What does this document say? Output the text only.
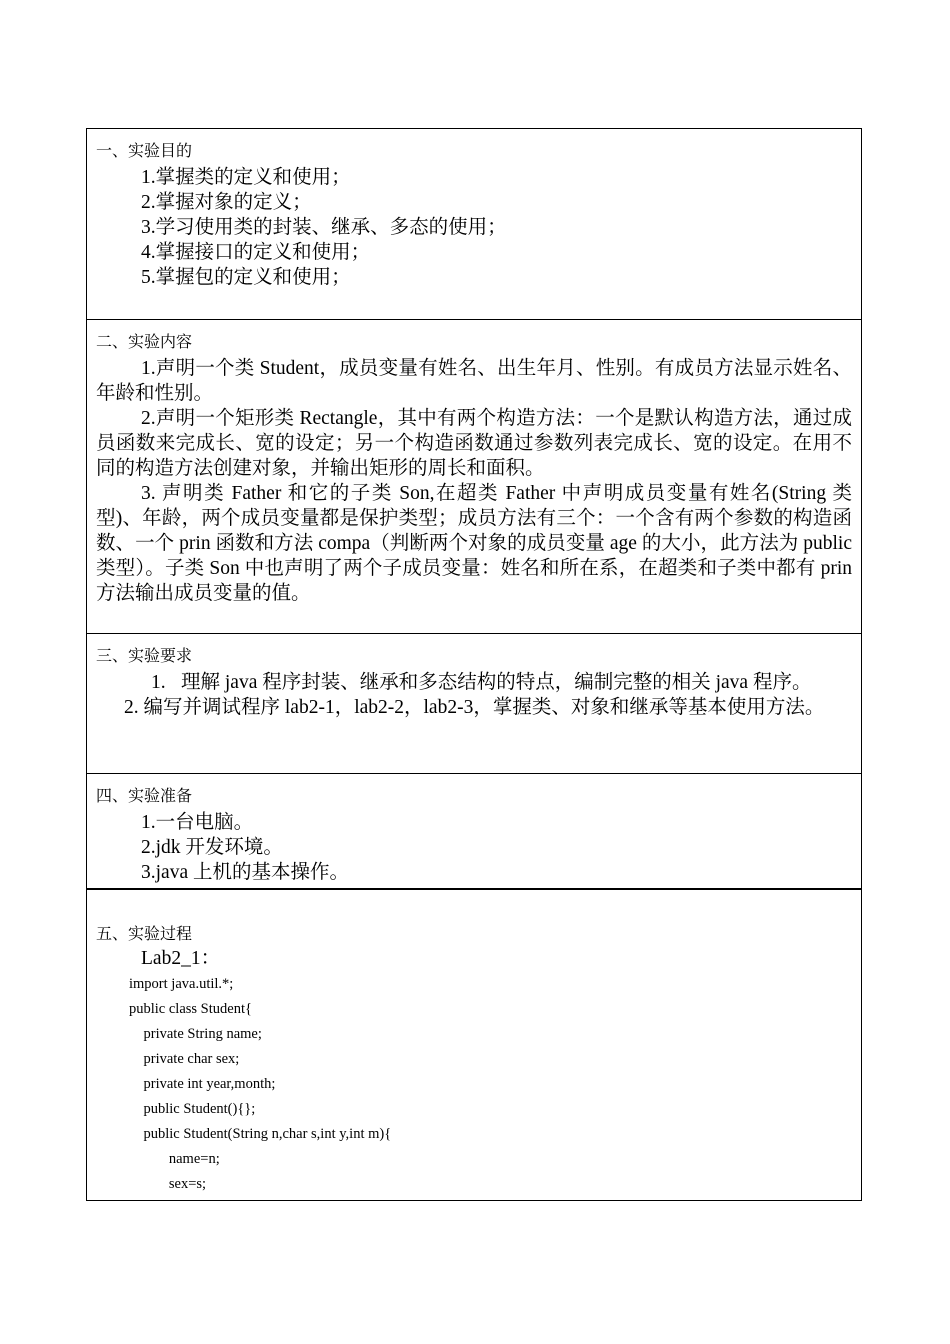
一、实验目的
1.掌握类的定义和使用；
2.掌握对象的定义；
3.学习使用类的封装、继承、多态的使用；
4.掌握接口的定义和使用；
5.掌握包的定义和使用；
二、实验内容
1.声明一个类 Student，成员变量有姓名、出生年月、性别。有成员方法显示姓名、年龄和性别。
2.声明一个矩形类 Rectangle，其中有两个构造方法：一个是默认构造方法，通过成员函数来完成长、宽的设定；另一个构造函数通过参数列表完成长、宽的设定。在用不同的构造方法创建对象，并输出矩形的周长和面积。
3. 声明类 Father 和它的子类 Son,在超类 Father 中声明成员变量有姓名(String 类型)、年龄，两个成员变量都是保护类型；成员方法有三个：一个含有两个参数的构造函数、一个 prin 函数和方法 compa（判断两个对象的成员变量 age 的大小，此方法为 public 类型）。子类 Son 中也声明了两个子成员变量：姓名和所在系，在超类和子类中都有 prin 方法输出成员变量的值。
三、实验要求
1. 理解 java 程序封装、继承和多态结构的特点，编制完整的相关 java 程序。
2. 编写并调试程序 lab2-1，lab2-2，lab2-3，掌握类、对象和继承等基本使用方法。
四、实验准备
1.一台电脑。
2.jdk 开发环境。
3.java 上机的基本操作。
五、实验过程
Lab2_1：
import java.util.*;
public class Student{
private String name;
private char sex;
private int year,month;
public Student(){};
public Student(String n,char s,int y,int m){
name=n;
sex=s;
